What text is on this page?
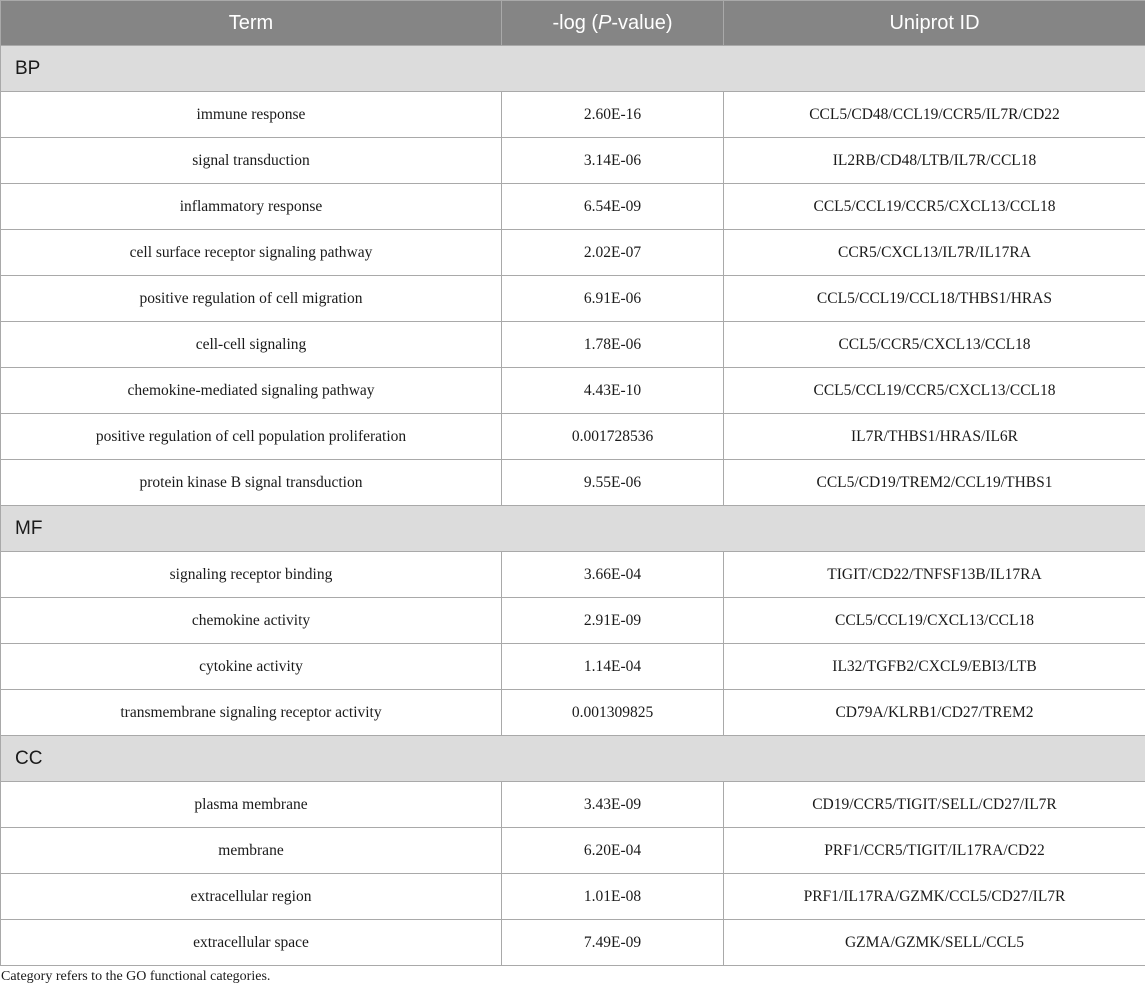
Term	-log (P-value)	Uniprot ID
BP		
immune response	2.60E-16	CCL5/CD48/CCL19/CCR5/IL7R/CD22
signal transduction	3.14E-06	IL2RB/CD48/LTB/IL7R/CCL18
inflammatory response	6.54E-09	CCL5/CCL19/CCR5/CXCL13/CCL18
cell surface receptor signaling pathway	2.02E-07	CCR5/CXCL13/IL7R/IL17RA
positive regulation of cell migration	6.91E-06	CCL5/CCL19/CCL18/THBS1/HRAS
cell-cell signaling	1.78E-06	CCL5/CCR5/CXCL13/CCL18
chemokine-mediated signaling pathway	4.43E-10	CCL5/CCL19/CCR5/CXCL13/CCL18
positive regulation of cell population proliferation	0.001728536	IL7R/THBS1/HRAS/IL6R
protein kinase B signal transduction	9.55E-06	CCL5/CD19/TREM2/CCL19/THBS1
MF		
signaling receptor binding	3.66E-04	TIGIT/CD22/TNFSF13B/IL17RA
chemokine activity	2.91E-09	CCL5/CCL19/CXCL13/CCL18
cytokine activity	1.14E-04	IL32/TGFB2/CXCL9/EBI3/LTB
transmembrane signaling receptor activity	0.001309825	CD79A/KLRB1/CD27/TREM2
CC		
plasma membrane	3.43E-09	CD19/CCR5/TIGIT/SELL/CD27/IL7R
membrane	6.20E-04	PRF1/CCR5/TIGIT/IL17RA/CD22
extracellular region	1.01E-08	PRF1/IL17RA/GZMK/CCL5/CD27/IL7R
extracellular space	7.49E-09	GZMA/GZMK/SELL/CCL5
Category refers to the GO functional categories.
